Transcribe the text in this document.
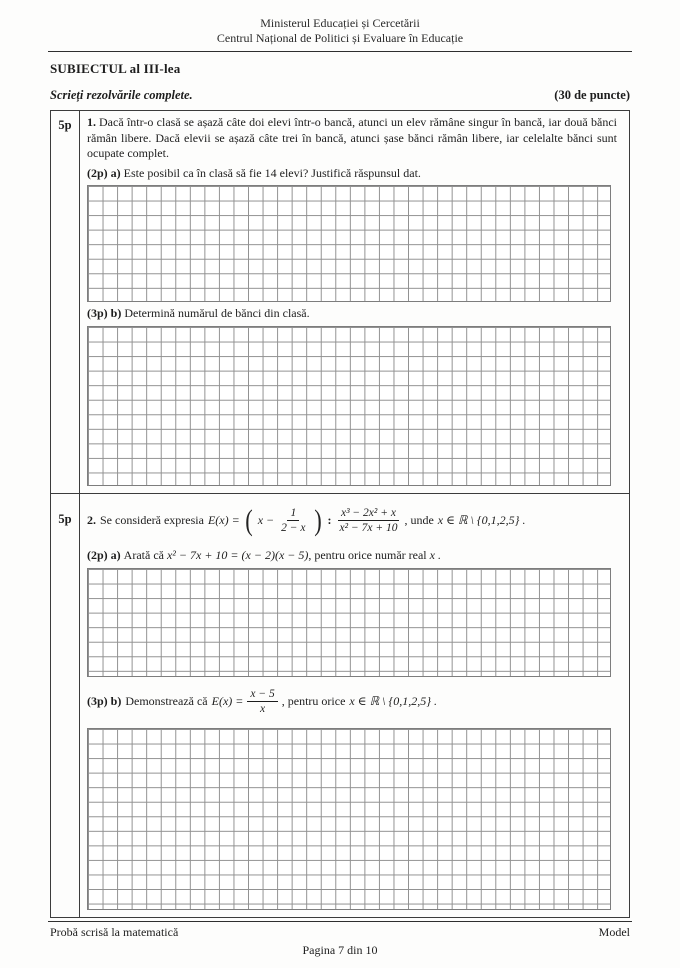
Ministerul Educației și Cercetării
Centrul Național de Politici și Evaluare în Educație
SUBIECTUL al III-lea
Scrieți rezolvările complete.	(30 de puncte)
5p	1. Dacă într-o clasă se așază câte doi elevi într-o bancă, atunci un elev rămâne singur în bancă, iar două bănci rămân libere. Dacă elevii se așază câte trei în bancă, atunci șase bănci rămân libere, iar celelalte bănci sunt ocupate complet.

(2p) a) Este posibil ca în clasă să fie 14 elevi? Justifică răspunsul dat.

(3p) b) Determină numărul de bănci din clasă.

5p	2. Se consideră expresia E(x) = ( $x - \frac{1}{2 - x}$ ) : $\frac{\text{x³ − 2x² + x}}{\text{x² − 7x + 10}}$ , unde x ∈ ℝ \ {0,1,2,5} .

(2p) a) Arată că x² − 7x + 10 = (x − 2)(x − 5), pentru orice număr real x .

(3p) b) Demonstrează că $E(x) = \frac{x - 5}{x}$ , pentru orice x ∈ ℝ \ {0,1,2,5} .
Probă scrisă la matematică	Model
Pagina 7 din 10
